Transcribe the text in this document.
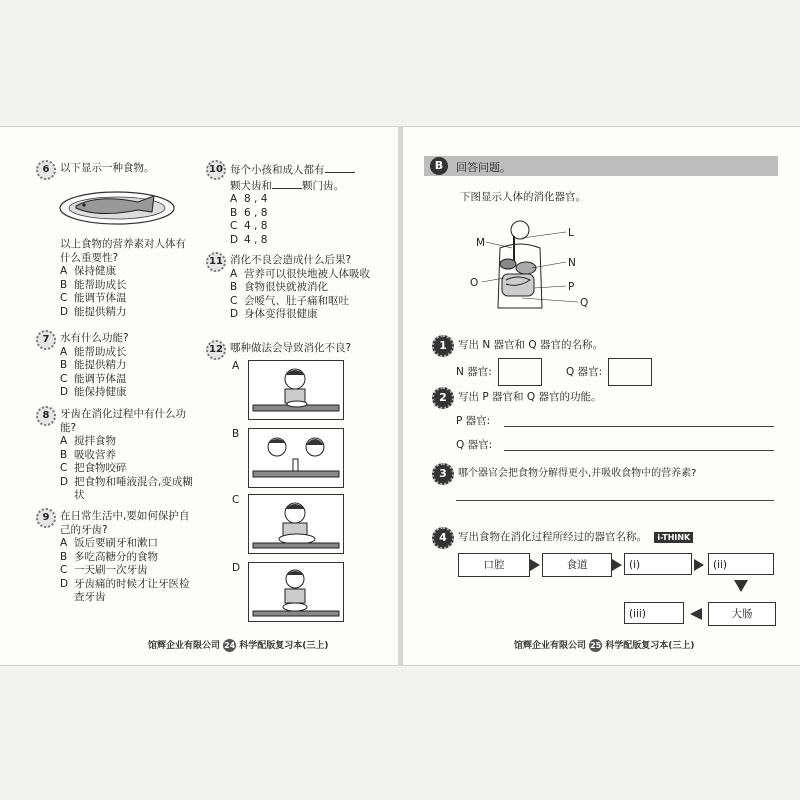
6	以下显示一种食物。
以上食物的营养素对人体有什么重要性?
A 保持健康
B 能帮助成长
C 能调节体温
D 能提供精力
7	水有什么功能?
A 能帮助成长
B 能提供精力
C 能调节体温
D 能保持健康
8	牙齿在消化过程中有什么功能?
A 搅拌食物
B 吸收营养
C 把食物咬碎
D 把食物和唾液混合,变成糊状
9	在日常生活中,要如何保护自己的牙齿?
A 饭后要刷牙和漱口
B 多吃高糖分的食物
C 一天刷一次牙齿
D 牙齿痛的时候才让牙医检查牙齿
10 每个小孩和成人都有
颗犬齿和	颗门齿。
A 8 , 4
B 6 , 8
C 4 , 8
D 4 , 8
11 消化不良会造成什么后果?
A 营养可以很快地被人体吸收
B 食物很快就被消化
C 会嗳气、肚子痛和呕吐
D 身体变得很健康
12 哪种做法会导致消化不良?
A
B
C
D
馆辉企业有限公司 24 科学配版复习本(三上)
B	回答问题。
下图显示人体的消化器官。
M
L
N
O	P
Q
1	写出 N 器官和 Q 器官的名称。
N 器官:	Q 器官:
2	写出 P 器官和 Q 器官的功能。
P 器官:
Q 器官:
3	哪个器官会把食物分解得更小,并吸收食物中的营养素?
4	写出食物在消化过程所经过的器官名称。 i-THINK
口腔	食道	(i)	(ii)
大肠
(iii)
馆辉企业有限公司 25 科学配版复习本(三上)
